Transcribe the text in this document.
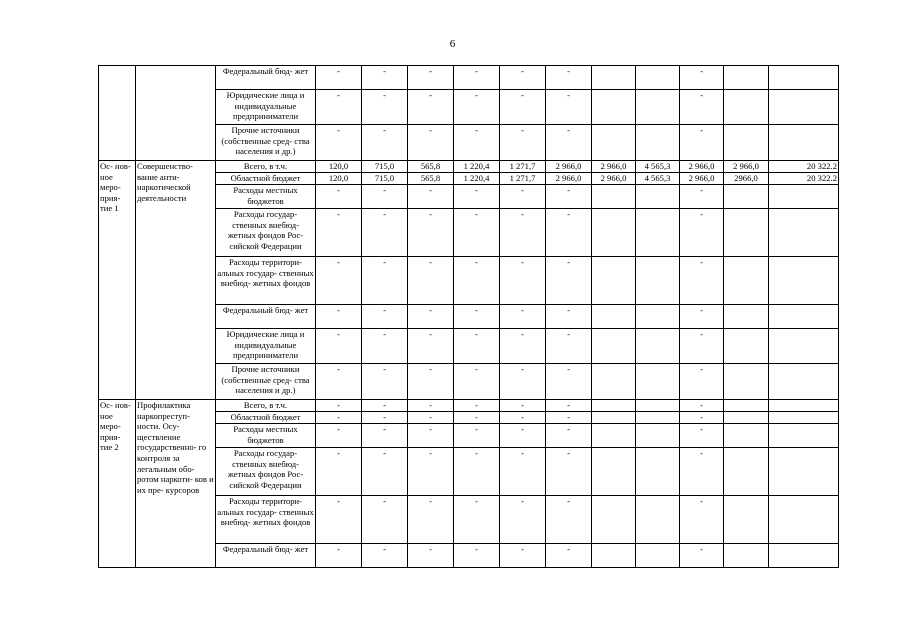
6
		Федеральный бюд- жет	-	-	-	-	-	-			-		
		Юридические лица и индивидуальные предприниматели	-	-	-	-	-	-			-		
		Прочие источники (собственные сред- ства населения и др.)	-	-	-	-	-	-			-		
Ос- нов- ное меро- прия- тие 1	Совершенство- вание анти- наркотической деятельности	Всего, в т.ч.	120,0	715,0	565,8	1 220,4	1 271,7	2 966,0	2 966,0	4 565,3	2 966,0	2 966,0	20 322.2
		Областной бюджет	120,0	715,0	565,8	1 220,4	1 271,7	2 966,0	2 966,0	4 565,3	2 966,0	2966,0	20 322.2
		Расходы местных бюджетов	-	-	-	-	-	-			-		
		Расходы государ- ственных внебюд- жетных фондов Рос- сийской Федерации	-	-	-	-	-	-			-		
		Расходы территори- альных государ- ственных внебюд- жетных фондов	-	-	-	-	-	-			-		
		Федеральный бюд- жет	-	-	-	-	-	-			-		
		Юридические лица и индивидуальные предприниматели	-	-	-	-	-	-			-		
		Прочие источники (собственные сред- ства населения и др.)	-	-	-	-	-	-			-		
Ос- нов- ное меро- прия- тие 2	Профилактика наркопреступ- ности. Осу- ществление государственно- го контроля за легальным обо- ротом наркоти- ков и их пре- курсоров	Всего, в т.ч.	-	-	-	-	-	-			-		
		Областной бюджет	-	-	-	-	-	-			-		
		Расходы местных бюджетов	-	-	-	-	-	-			-		
		Расходы государ- ственных внебюд- жетных фондов Рос- сийской Федерации	-	-	-	-	-	-			-		
		Расходы территори- альных государ- ственных внебюд- жетных фондов	-	-	-	-	-	-			-		
		Федеральный бюд- жет	-	-	-	-	-	-			-		
